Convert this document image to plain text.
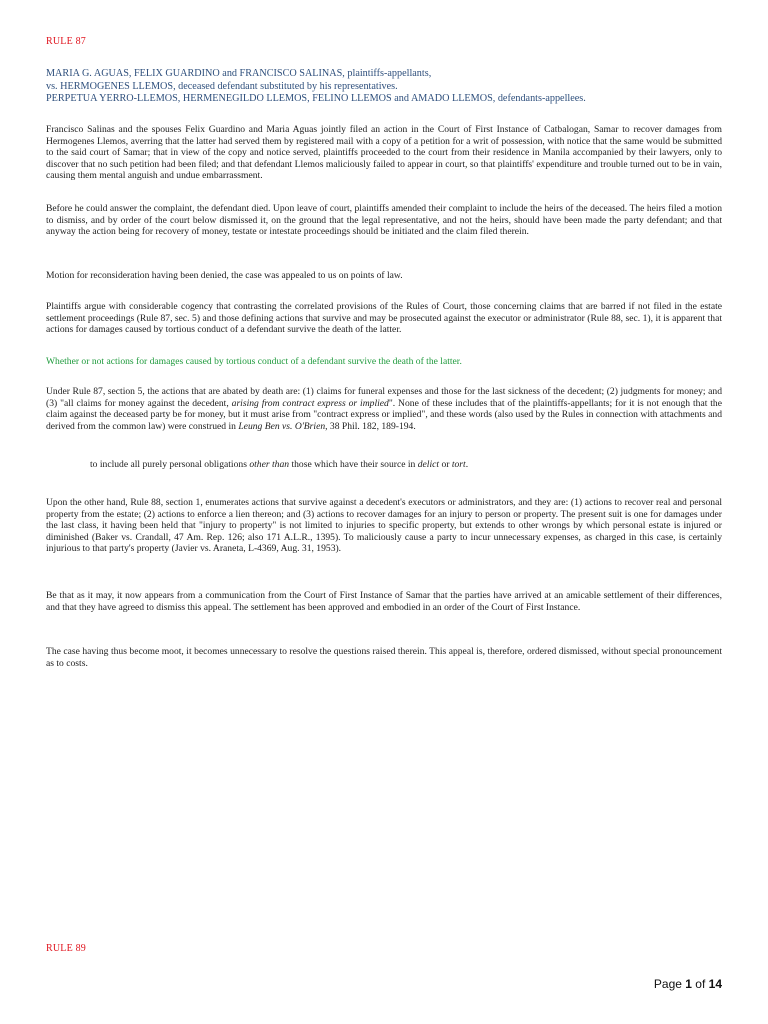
RULE 87
MARIA G. AGUAS, FELIX GUARDINO and FRANCISCO SALINAS, plaintiffs-appellants,
vs. HERMOGENES LLEMOS, deceased defendant substituted by his representatives.
PERPETUA YERRO-LLEMOS, HERMENEGILDO LLEMOS, FELINO LLEMOS and AMADO LLEMOS, defendants-appellees.
Francisco Salinas and the spouses Felix Guardino and Maria Aguas jointly filed an action in the Court of First Instance of Catbalogan, Samar to recover damages from Hermogenes Llemos, averring that the latter had served them by registered mail with a copy of a petition for a writ of possession, with notice that the same would be submitted to the said court of Samar; that in view of the copy and notice served, plaintiffs proceeded to the court from their residence in Manila accompanied by their lawyers, only to discover that no such petition had been filed; and that defendant Llemos maliciously failed to appear in court, so that plaintiffs' expenditure and trouble turned out to be in vain, causing them mental anguish and undue embarrassment.
Before he could answer the complaint, the defendant died. Upon leave of court, plaintiffs amended their complaint to include the heirs of the deceased. The heirs filed a motion to dismiss, and by order of the court below dismissed it, on the ground that the legal representative, and not the heirs, should have been made the party defendant; and that anyway the action being for recovery of money, testate or intestate proceedings should be initiated and the claim filed therein.
Motion for reconsideration having been denied, the case was appealed to us on points of law.
Plaintiffs argue with considerable cogency that contrasting the correlated provisions of the Rules of Court, those concerning claims that are barred if not filed in the estate settlement proceedings (Rule 87, sec. 5) and those defining actions that survive and may be prosecuted against the executor or administrator (Rule 88, sec. 1), it is apparent that actions for damages caused by tortious conduct of a defendant survive the death of the latter.
Whether or not actions for damages caused by tortious conduct of a defendant survive the death of the latter.
Under Rule 87, section 5, the actions that are abated by death are: (1) claims for funeral expenses and those for the last sickness of the decedent; (2) judgments for money; and (3) "all claims for money against the decedent, arising from contract express or implied". None of these includes that of the plaintiffs-appellants; for it is not enough that the claim against the deceased party be for money, but it must arise from "contract express or implied", and these words (also used by the Rules in connection with attachments and derived from the common law) were construed in Leung Ben vs. O'Brien, 38 Phil. 182, 189-194.
to include all purely personal obligations other than those which have their source in delict or tort.
Upon the other hand, Rule 88, section 1, enumerates actions that survive against a decedent's executors or administrators, and they are: (1) actions to recover real and personal property from the estate; (2) actions to enforce a lien thereon; and (3) actions to recover damages for an injury to person or property. The present suit is one for damages under the last class, it having been held that "injury to property" is not limited to injuries to specific property, but extends to other wrongs by which personal estate is injured or diminished (Baker vs. Crandall, 47 Am. Rep. 126; also 171 A.L.R., 1395). To maliciously cause a party to incur unnecessary expenses, as charged in this case, is certainly injurious to that party's property (Javier vs. Araneta, L-4369, Aug. 31, 1953).
Be that as it may, it now appears from a communication from the Court of First Instance of Samar that the parties have arrived at an amicable settlement of their differences, and that they have agreed to dismiss this appeal. The settlement has been approved and embodied in an order of the Court of First Instance.
The case having thus become moot, it becomes unnecessary to resolve the questions raised therein. This appeal is, therefore, ordered dismissed, without special pronouncement as to costs.
RULE 89
Page 1 of 14
